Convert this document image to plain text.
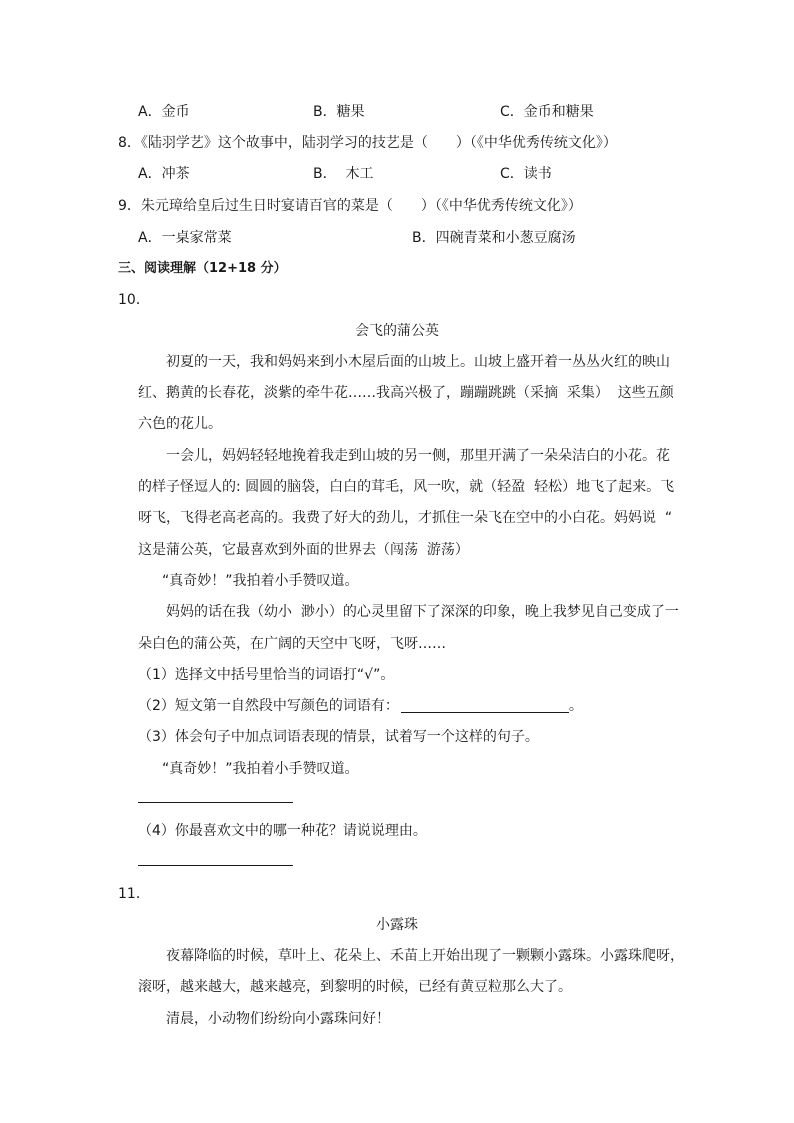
A．金币	B．糖果	C．金币和糖果
8．《陆羽学艺》这个故事中，陆羽学习的技艺是（　　）（《中华优秀传统文化》）
A．冲茶	B．  木工	C．读书
9．朱元璋给皇后过生日时宴请百官的菜是（　　）（《中华优秀传统文化》）
A．一桌家常菜	B．四碗青菜和小葱豆腐汤
三、阅读理解（12+18 分）
10．
会飞的蒲公英
初夏的一天，我和妈妈来到小木屋后面的山坡上。山坡上盛开着一丛丛火红的映山
红、鹅黄的长春花，淡紫的牵牛花……我高兴极了，蹦蹦跳跳（采摘  采集）  这些五颜
六色的花儿。
一会儿，妈妈轻轻地挽着我走到山坡的另一侧，那里开满了一朵朵洁白的小花。花
的样子怪逗人的: 圆圆的脑袋，白白的茸毛，风一吹，就（轻盈  轻松）地飞了起来。飞
呀飞，飞得老高老高的。我费了好大的劲儿，才抓住一朵飞在空中的小白花。妈妈说  “
这是蒲公英，它最喜欢到外面的世界去（闯荡  游荡）
“真奇妙！”我拍着小手赞叹道。
妈妈的话在我（幼小  渺小）的心灵里留下了深深的印象，晚上我梦见自己变成了一
朵白色的蒲公英，在广阔的天空中飞呀，飞呀……
（1）选择文中括号里恰当的词语打“√”。
（2）短文第一自然段中写颜色的词语有：	。
（3）体会句子中加点词语表现的情景，试着写一个这样的句子。
“真奇妙！”我拍着小手赞叹道。
（4）你最喜欢文中的哪一种花？请说说理由。
11．
小露珠
夜幕降临的时候，草叶上、花朵上、禾苗上开始出现了一颗颗小露珠。小露珠爬呀，
滚呀，越来越大，越来越亮，到黎明的时候，已经有黄豆粒那么大了。
清晨，小动物们纷纷向小露珠问好！
